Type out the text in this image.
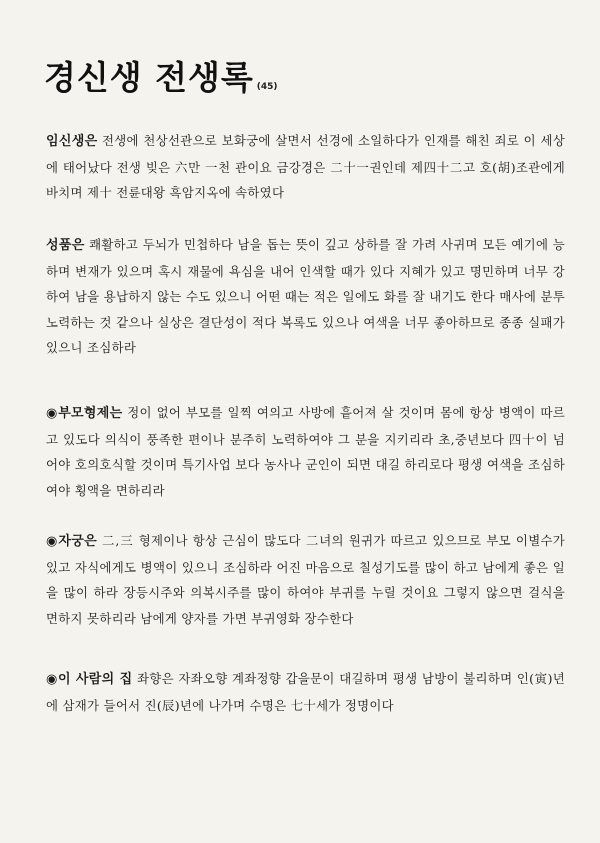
경신생 전생록 (45)
임신생은 전생에 천상선관으로 보화궁에 살면서 선경에 소일하다가 인재를 해친 죄로 이 세상에 태어났다 전생 빚은 六만 一천 관이요 금강경은 二十一권인데 제四十二고 호(胡)조관에게 바치며 제十 전륜대왕 흑암지옥에 속하였다
성품은 쾌활하고 두뇌가 민첩하다 남을 돕는 뜻이 깊고 상하를 잘 가려 사귀며 모든 예기에 능하며 변재가 있으며 혹시 재물에 욕심을 내어 인색할 때가 있다 지혜가 있고 명민하며 너무 강하여 남을 용납하지 않는 수도 있으니 어떤 때는 적은 일에도 화를 잘 내기도 한다 매사에 분투 노력하는 것 같으나 실상은 결단성이 적다 복록도 있으나 여색을 너무 좋아하므로 종종 실패가 있으니 조심하라
◉부모형제는 정이 없어 부모를 일찍 여의고 사방에 흩어져 살 것이며 몸에 항상 병액이 따르고 있도다 의식이 풍족한 편이나 분주히 노력하여야 그 분을 지키리라 초,중년보다 四十이 넘어야 호의호식할 것이며 특기사업 보다 농사나 군인이 되면 대길 하리로다 평생 여색을 조심하여야 횡액을 면하리라
◉자궁은 二,三 형제이나 항상 근심이 많도다 二녀의 원귀가 따르고 있으므로 부모 이별수가 있고 자식에게도 병액이 있으니 조심하라 어진 마음으로 칠성기도를 많이 하고 남에게 좋은 일을 많이 하라 장등시주와 의복시주를 많이 하여야 부귀를 누릴 것이요 그렇지 않으면 걸식을 면하지 못하리라 남에게 양자를 가면 부귀영화 장수한다
◉이 사람의 집 좌향은 자좌오향 계좌정향 갑을문이 대길하며 평생 남방이 불리하며 인(寅)년에 삼재가 들어서 진(辰)년에 나가며 수명은 七十세가 정명이다
